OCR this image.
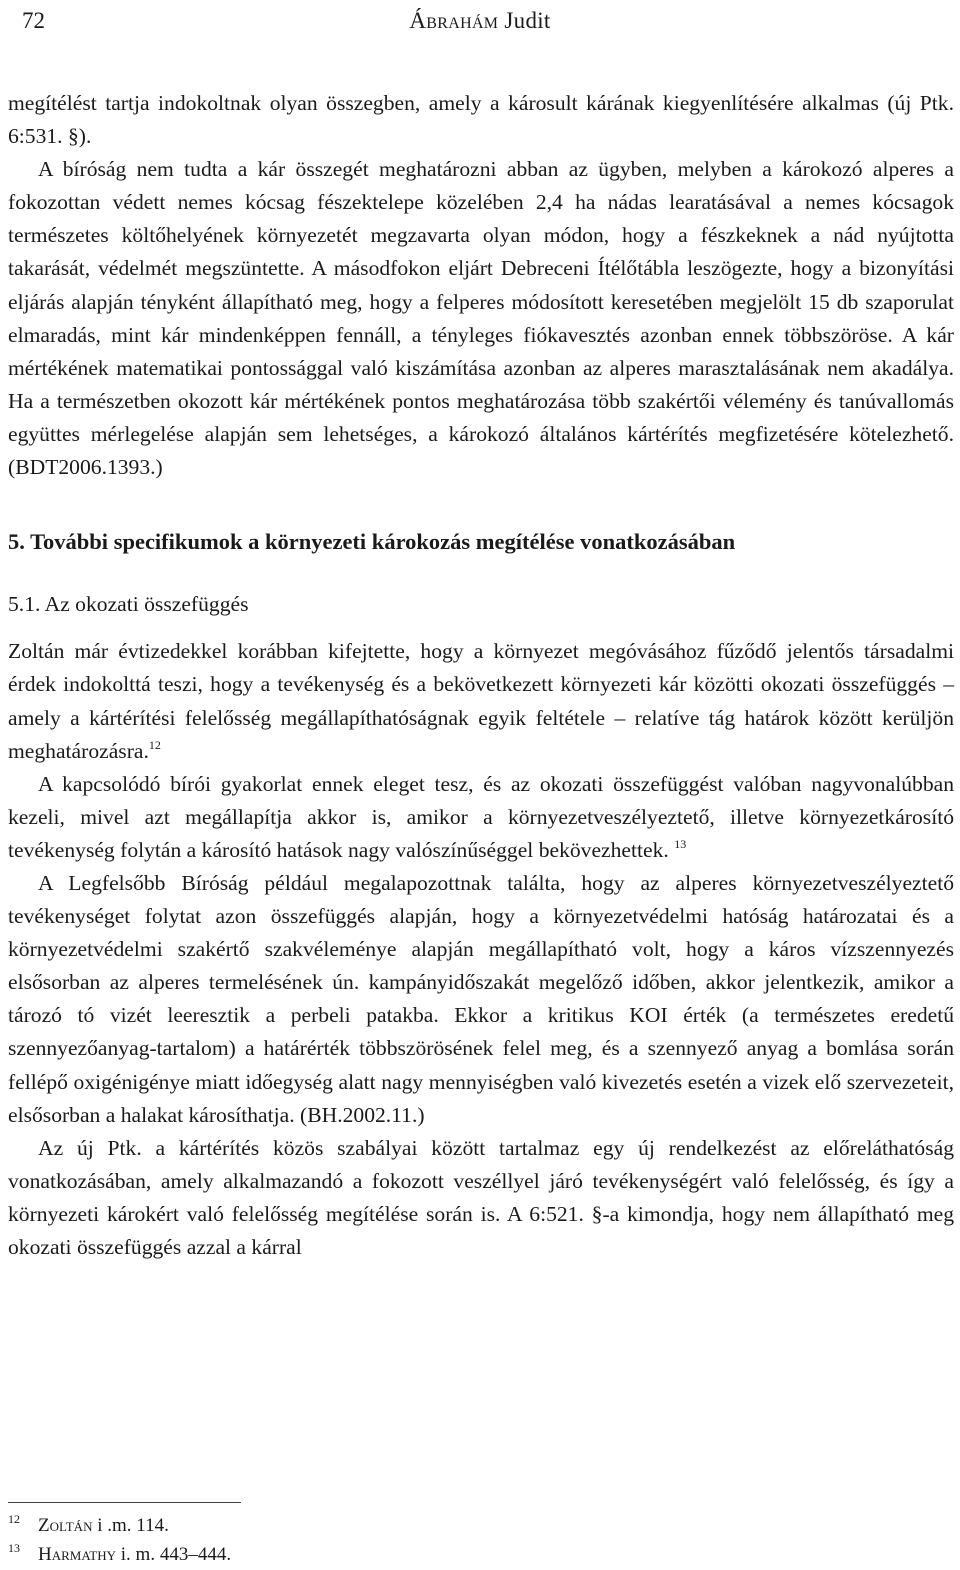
72	Ábrahám Judit

megítélést tartja indokoltnak olyan összegben, amely a károsult kárának kiegyenlítésére alkalmas (új Ptk. 6:531. §).

A bíróság nem tudta a kár összegét meghatározni abban az ügyben, melyben a károkozó alperes a fokozottan védett nemes kócsag fészektelepe közelében 2,4 ha nádas learatásával a nemes kócsagok természetes költőhelyének környezetét megzavarta olyan módon, hogy a fészkeknek a nád nyújtotta takarását, védelmét megszüntette. A másodfokon eljárt Debreceni Ítélőtábla leszögezte, hogy a bizonyítási eljárás alapján tényként állapítható meg, hogy a felperes módosított keresetében megjelölt 15 db szaporulat elmaradás, mint kár mindenképpen fennáll, a tényleges fiókavesztés azonban ennek többszöröse. A kár mértékének matematikai pontossággal való kiszámítása azonban az alperes marasztalásának nem akadálya. Ha a természetben okozott kár mértékének pontos meghatározása több szakértői vélemény és tanúvallomás együttes mérlegelése alapján sem lehetséges, a károkozó általános kártérítés megfizetésére kötelezhető. (BDT2006.1393.)

5. További specifikumok a környezeti károkozás megítélése vonatkozásában

5.1. Az okozati összefüggés

Zoltán már évtizedekkel korábban kifejtette, hogy a környezet megóvásához fűződő jelentős társadalmi érdek indokolttá teszi, hogy a tevékenység és a bekövetkezett környezeti kár közötti okozati összefüggés – amely a kártérítési felelősség megállapíthatóságnak egyik feltétele – relatíve tág határok között kerüljön meghatározásra.$^{12}$

A kapcsolódó bírói gyakorlat ennek eleget tesz, és az okozati összefüggést valóban nagyvonalúbban kezeli, mivel azt megállapítja akkor is, amikor a környezetveszélyeztető, illetve környezetkárosító tevékenység folytán a károsító hatások nagy valószínűséggel bekövezhettek. $^{13}$

A Legfelsőbb Bíróság például megalapozottnak találta, hogy az alperes környezetveszélyeztető tevékenységet folytat azon összefüggés alapján, hogy a környezetvédelmi hatóság határozatai és a környezetvédelmi szakértő szakvéleménye alapján megállapítható volt, hogy a káros vízszennyezés elsősorban az alperes termelésének ún. kampányidőszakát megelőző időben, akkor jelentkezik, amikor a tározó tó vizét leeresztik a perbeli patakba. Ekkor a kritikus KOI érték (a természetes eredetű szennyezőanyag-tartalom) a határérték többszörösének felel meg, és a szennyező anyag a bomlása során fellépő oxigénigénye miatt időegység alatt nagy mennyiségben való kivezetés esetén a vizek elő szervezeteit, elsősorban a halakat károsíthatja. (BH.2002.11.)

Az új Ptk. a kártérítés közös szabályai között tartalmaz egy új rendelkezést az előreláthatóság vonatkozásában, amely alkalmazandó a fokozott veszéllyel járó tevékenységért való felelősség, és így a környezeti károkért való felelősség megítélése során is. A 6:521. §-a kimondja, hogy nem állapítható meg okozati összefüggés azzal a kárral

12 Zoltán i .m. 114.
13 Harmathy i. m. 443–444.
